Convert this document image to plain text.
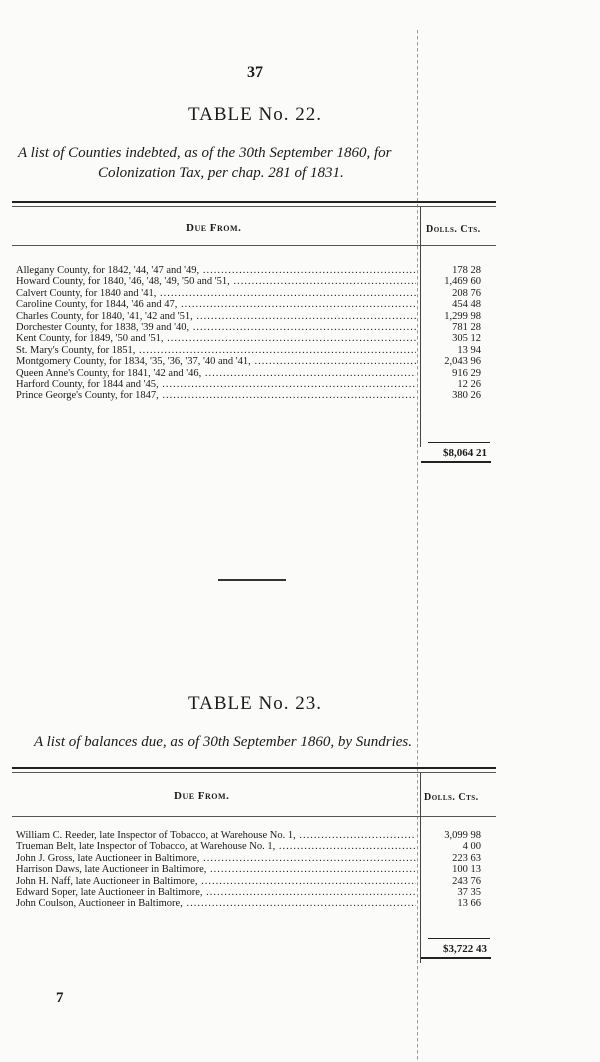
37
TABLE No. 22.
A list of Counties indebted, as of the 30th September 1860, for
Colonization Tax, per chap. 281 of 1831.
Due From.	Dolls. Cts.
Allegany County, for 1842, '44, '47 and '49, .....	178 28
Howard County, for 1840, '46, '48, '49, '50 and '51, .....	1,469 60
Calvert County, for 1840 and '41, .....	208 76
Caroline County, for 1844, '46 and 47, .....	454 48
Charles County, for 1840, '41, '42 and '51, .....	1,299 98
Dorchester County, for 1838, '39 and '40, .....	781 28
Kent County, for 1849, '50 and '51, .....	305 12
St. Mary's County, for 1851, .....	13 94
Montgomery County, for 1834, '35, '36, '37, '40 and '41, .....	2,043 96
Queen Anne's County, for 1841, '42 and '46, .....	916 29
Harford County, for 1844 and '45, .....	12 26
Prince George's County, for 1847, .....	380 26
$8,064 21
TABLE No. 23.
A list of balances due, as of 30th September 1860, by Sundries.
Due From.	Dolls. Cts.
William C. Reeder, late Inspector of Tobacco, at Warehouse No. 1, .....	3,099 98
Trueman Belt, late Inspector of Tobacco, at Warehouse No. 1, .....	4 00
John J. Gross, late Auctioneer in Baltimore, .....	223 63
Harrison Daws, late Auctioneer in Baltimore, .....	100 13
John H. Naff, late Auctioneer in Baltimore, .....	243 76
Edward Soper, late Auctioneer in Baltimore, .....	37 35
John Coulson, Auctioneer in Baltimore, .....	13 66
$3,722 43
7
